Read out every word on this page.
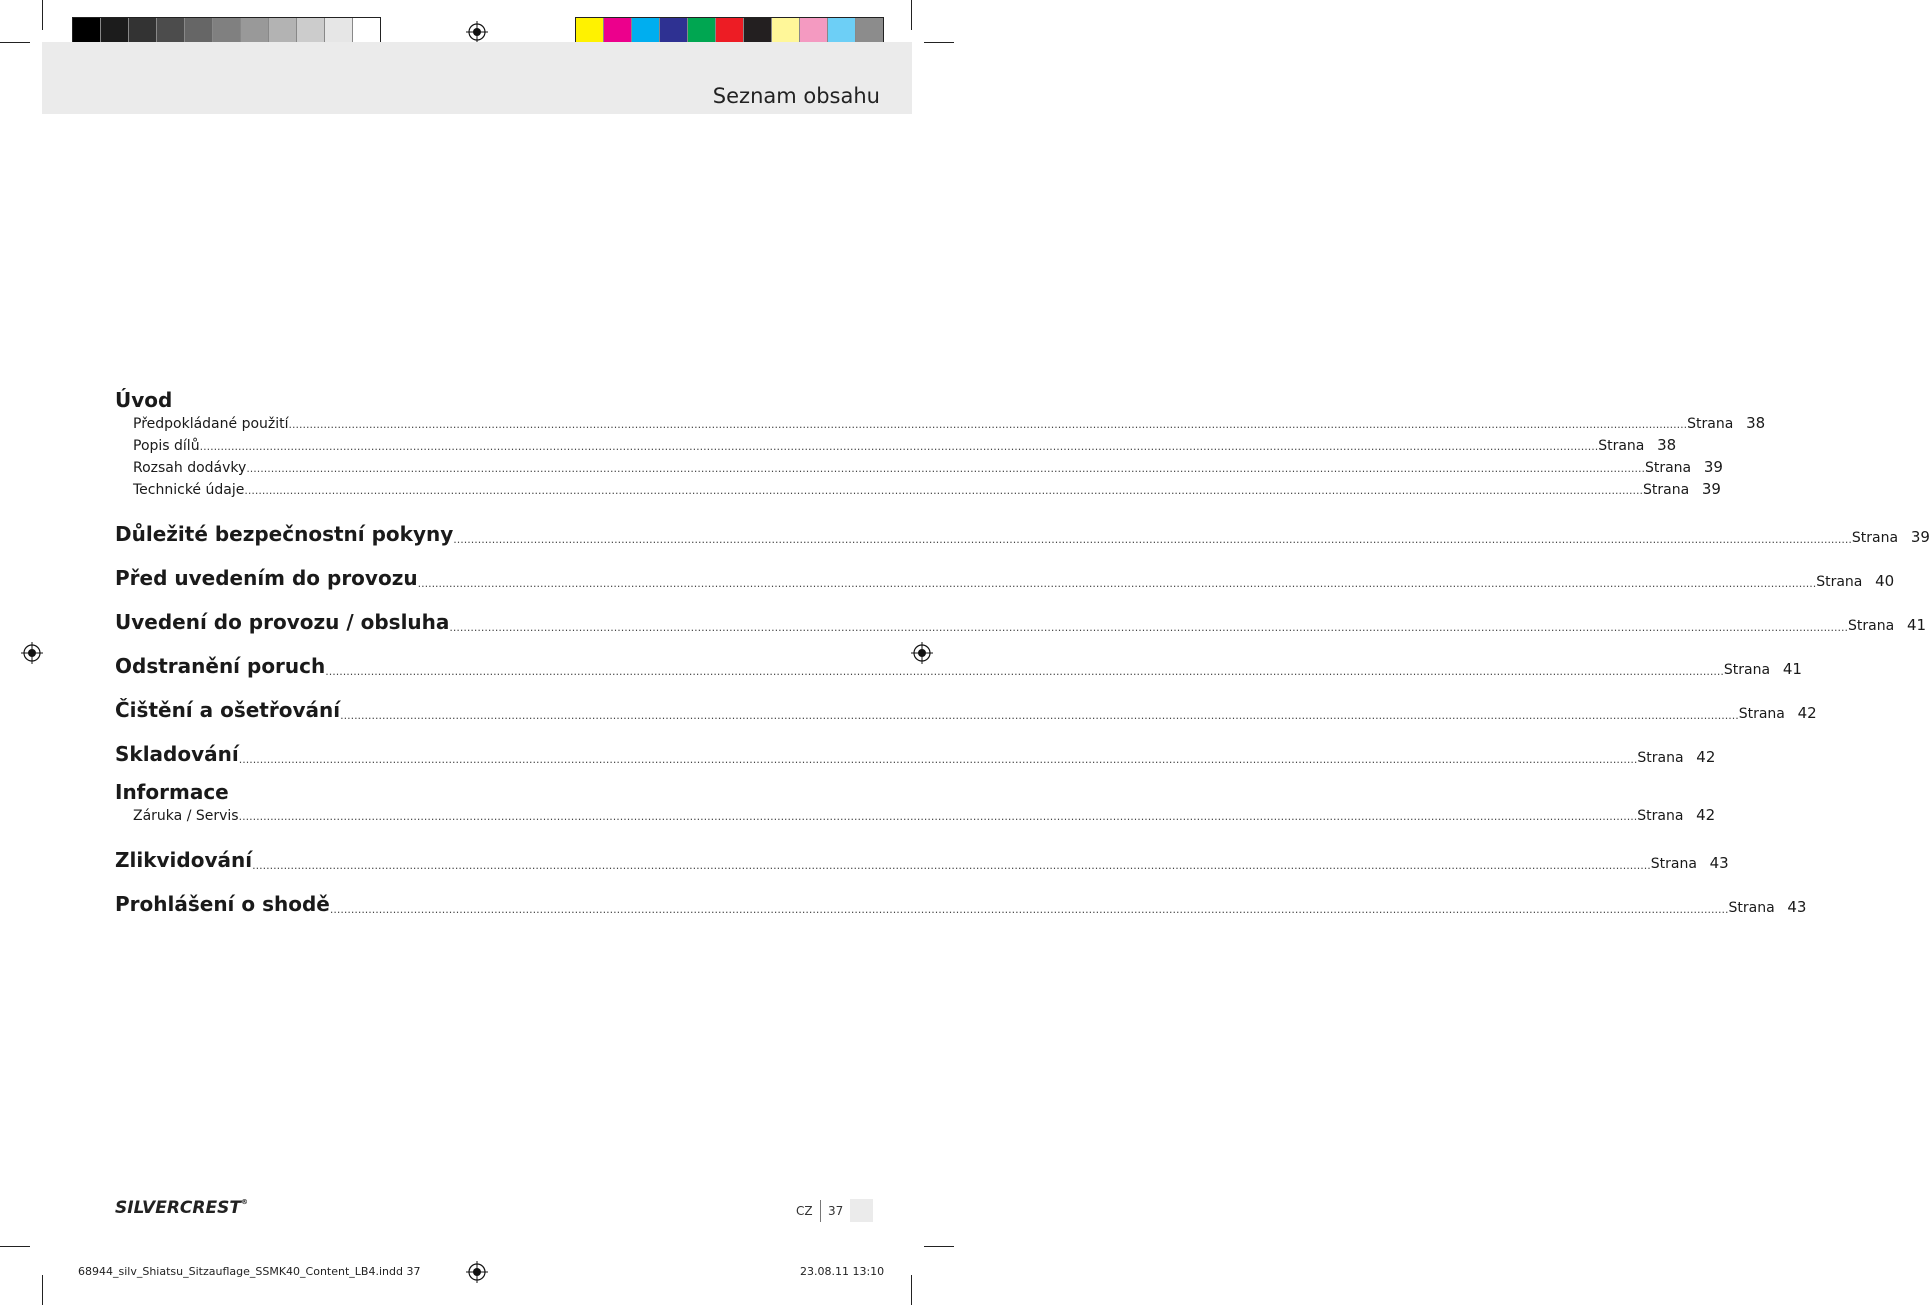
Seznam obsahu
Úvod
Předpokládané použití ................................................................................................................................................................................................................................................................................................................................................................................................................ Strana 38
Popis dílů ................................................................................................................................................................................................................................................................................................................................................................................................................ Strana 38
Rozsah dodávky ................................................................................................................................................................................................................................................................................................................................................................................................................ Strana 39
Technické údaje ................................................................................................................................................................................................................................................................................................................................................................................................................ Strana 39
Důležité bezpečnostní pokyny ................................................................................................................................................................................................................................................................................................................................................................................................................ Strana 39
Před uvedením do provozu ................................................................................................................................................................................................................................................................................................................................................................................................................ Strana 40
Uvedení do provozu / obsluha ................................................................................................................................................................................................................................................................................................................................................................................................................ Strana 41
Odstranění poruch ................................................................................................................................................................................................................................................................................................................................................................................................................ Strana 41
Čištění a ošetřování ................................................................................................................................................................................................................................................................................................................................................................................................................ Strana 42
Skladování ................................................................................................................................................................................................................................................................................................................................................................................................................ Strana 42
Informace
Záruka / Servis ................................................................................................................................................................................................................................................................................................................................................................................................................ Strana 42
Zlikvidování ................................................................................................................................................................................................................................................................................................................................................................................................................ Strana 43
Prohlášení o shodě ................................................................................................................................................................................................................................................................................................................................................................................................................ Strana 43
SILVERCREST®
CZ 37
68944_silv_Shiatsu_Sitzauflage_SSMK40_Content_LB4.indd 37	23.08.11 13:10
